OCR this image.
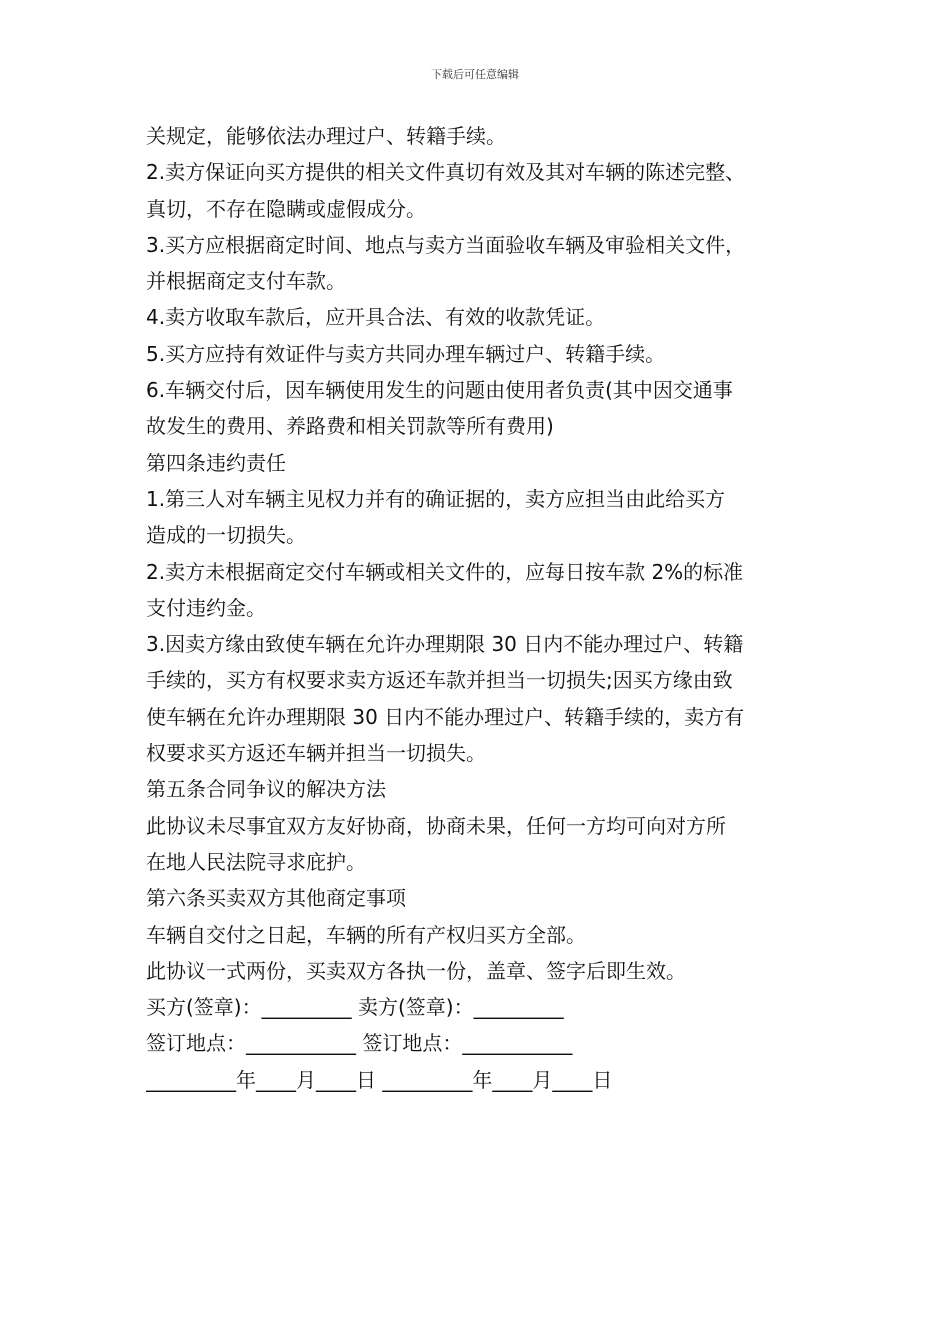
下载后可任意编辑
关规定，能够依法办理过户、转籍手续。
2.卖方保证向买方提供的相关文件真切有效及其对车辆的陈述完整、
真切，不存在隐瞒或虚假成分。
3.买方应根据商定时间、地点与卖方当面验收车辆及审验相关文件，
并根据商定支付车款。
4.卖方收取车款后，应开具合法、有效的收款凭证。
5.买方应持有效证件与卖方共同办理车辆过户、转籍手续。
6.车辆交付后，因车辆使用发生的问题由使用者负责(其中因交通事
故发生的费用、养路费和相关罚款等所有费用)
第四条违约责任
1.第三人对车辆主见权力并有的确证据的，卖方应担当由此给买方
造成的一切损失。
2.卖方未根据商定交付车辆或相关文件的，应每日按车款 2%的标准
支付违约金。
3.因卖方缘由致使车辆在允许办理期限 30 日内不能办理过户、转籍
手续的，买方有权要求卖方返还车款并担当一切损失;因买方缘由致
使车辆在允许办理期限 30 日内不能办理过户、转籍手续的，卖方有
权要求买方返还车辆并担当一切损失。
第五条合同争议的解决方法
此协议未尽事宜双方友好协商，协商未果，任何一方均可向对方所
在地人民法院寻求庇护。
第六条买卖双方其他商定事项
车辆自交付之日起，车辆的所有产权归买方全部。
此协议一式两份，买卖双方各执一份，盖章、签字后即生效。
买方(签章)：_________ 卖方(签章)：_________
签订地点：___________ 签订地点：___________
_________年____月____日 _________年____月____日
